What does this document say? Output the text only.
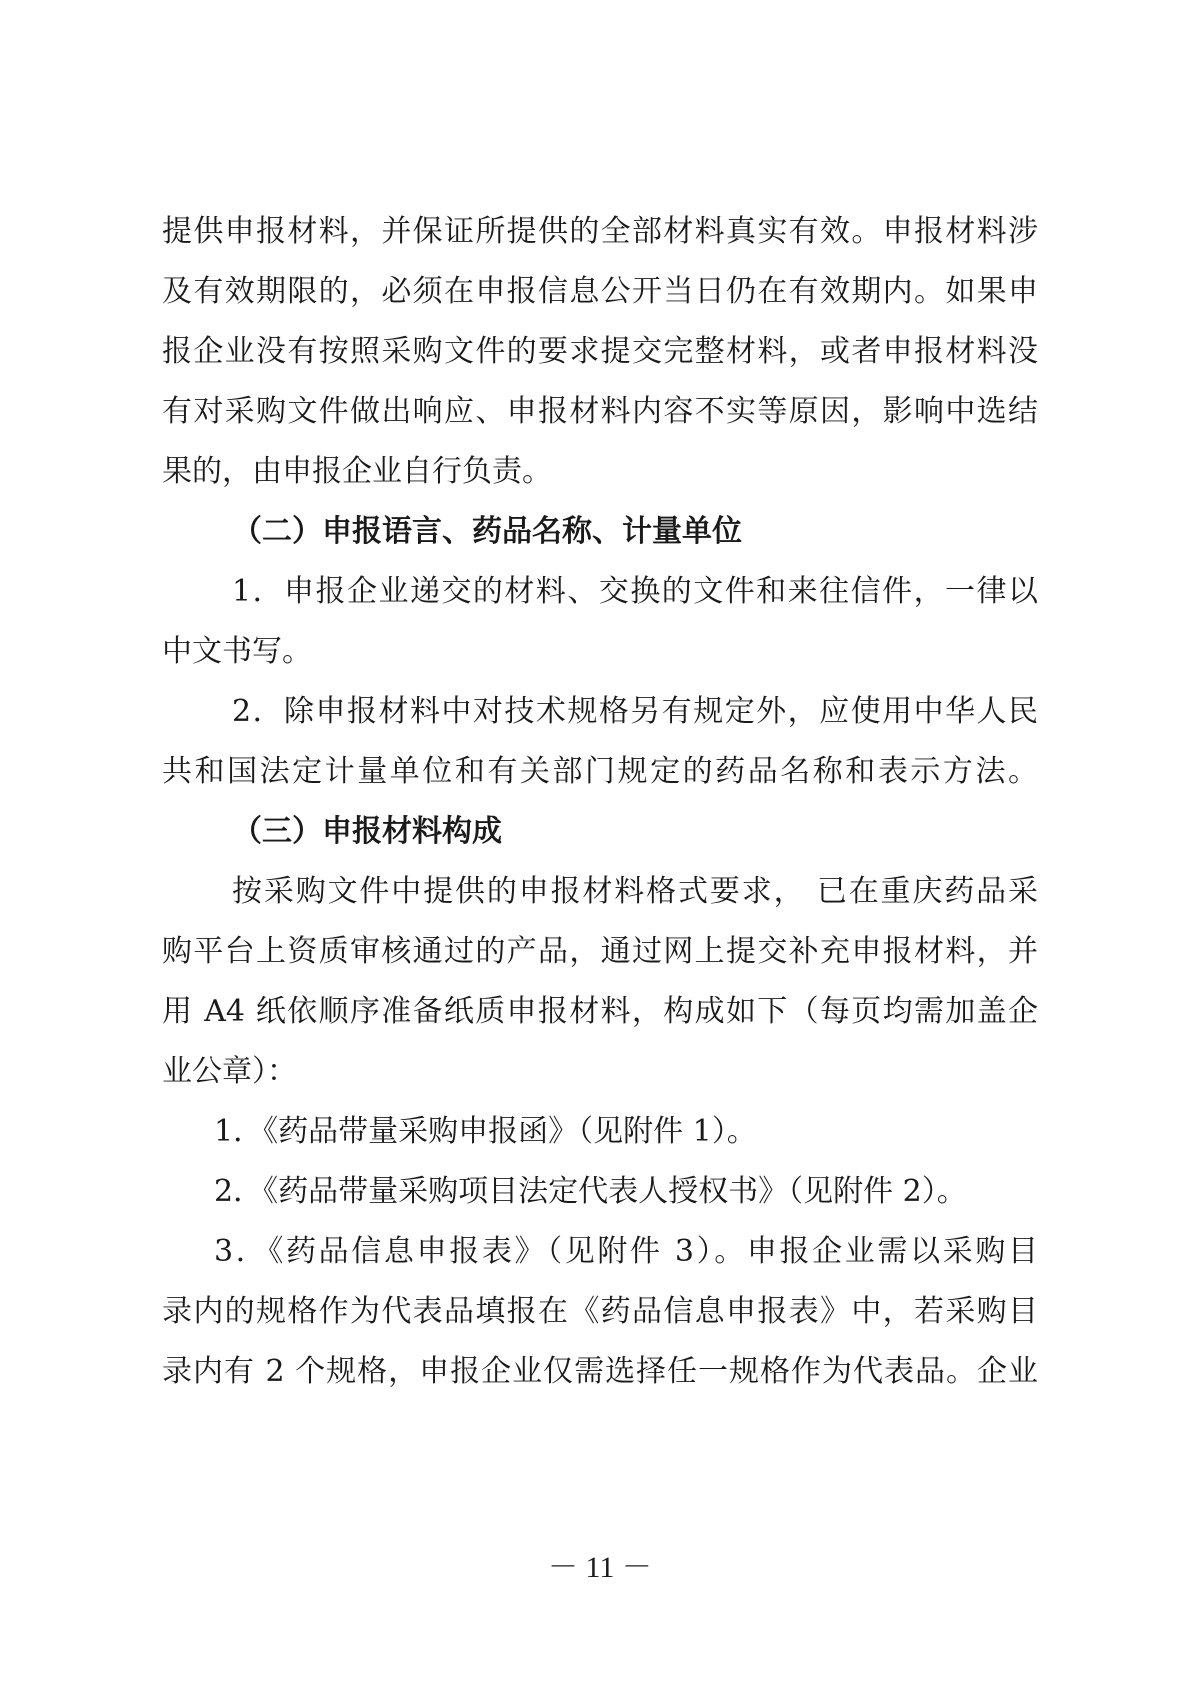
提供申报材料，并保证所提供的全部材料真实有效。申报材料涉
及有效期限的，必须在申报信息公开当日仍在有效期内。如果申
报企业没有按照采购文件的要求提交完整材料，或者申报材料没
有对采购文件做出响应、申报材料内容不实等原因，影响中选结
果的，由申报企业自行负责。
（二）申报语言、药品名称、计量单位
1．申报企业递交的材料、交换的文件和来往信件，一律以
中文书写。
2．除申报材料中对技术规格另有规定外，应使用中华人民
共和国法定计量单位和有关部门规定的药品名称和表示方法。
（三）申报材料构成
按采购文件中提供的申报材料格式要求， 已在重庆药品采
购平台上资质审核通过的产品，通过网上提交补充申报材料，并
用 A4 纸依顺序准备纸质申报材料，构成如下（每页均需加盖企
业公章）：
1．《药品带量采购申报函》（见附件 1）。
2．《药品带量采购项目法定代表人授权书》（见附件 2）。
3．《药品信息申报表》（见附件 3）。申报企业需以采购目
录内的规格作为代表品填报在《药品信息申报表》中，若采购目
录内有 2 个规格，申报企业仅需选择任一规格作为代表品。企业
－ 11 －
